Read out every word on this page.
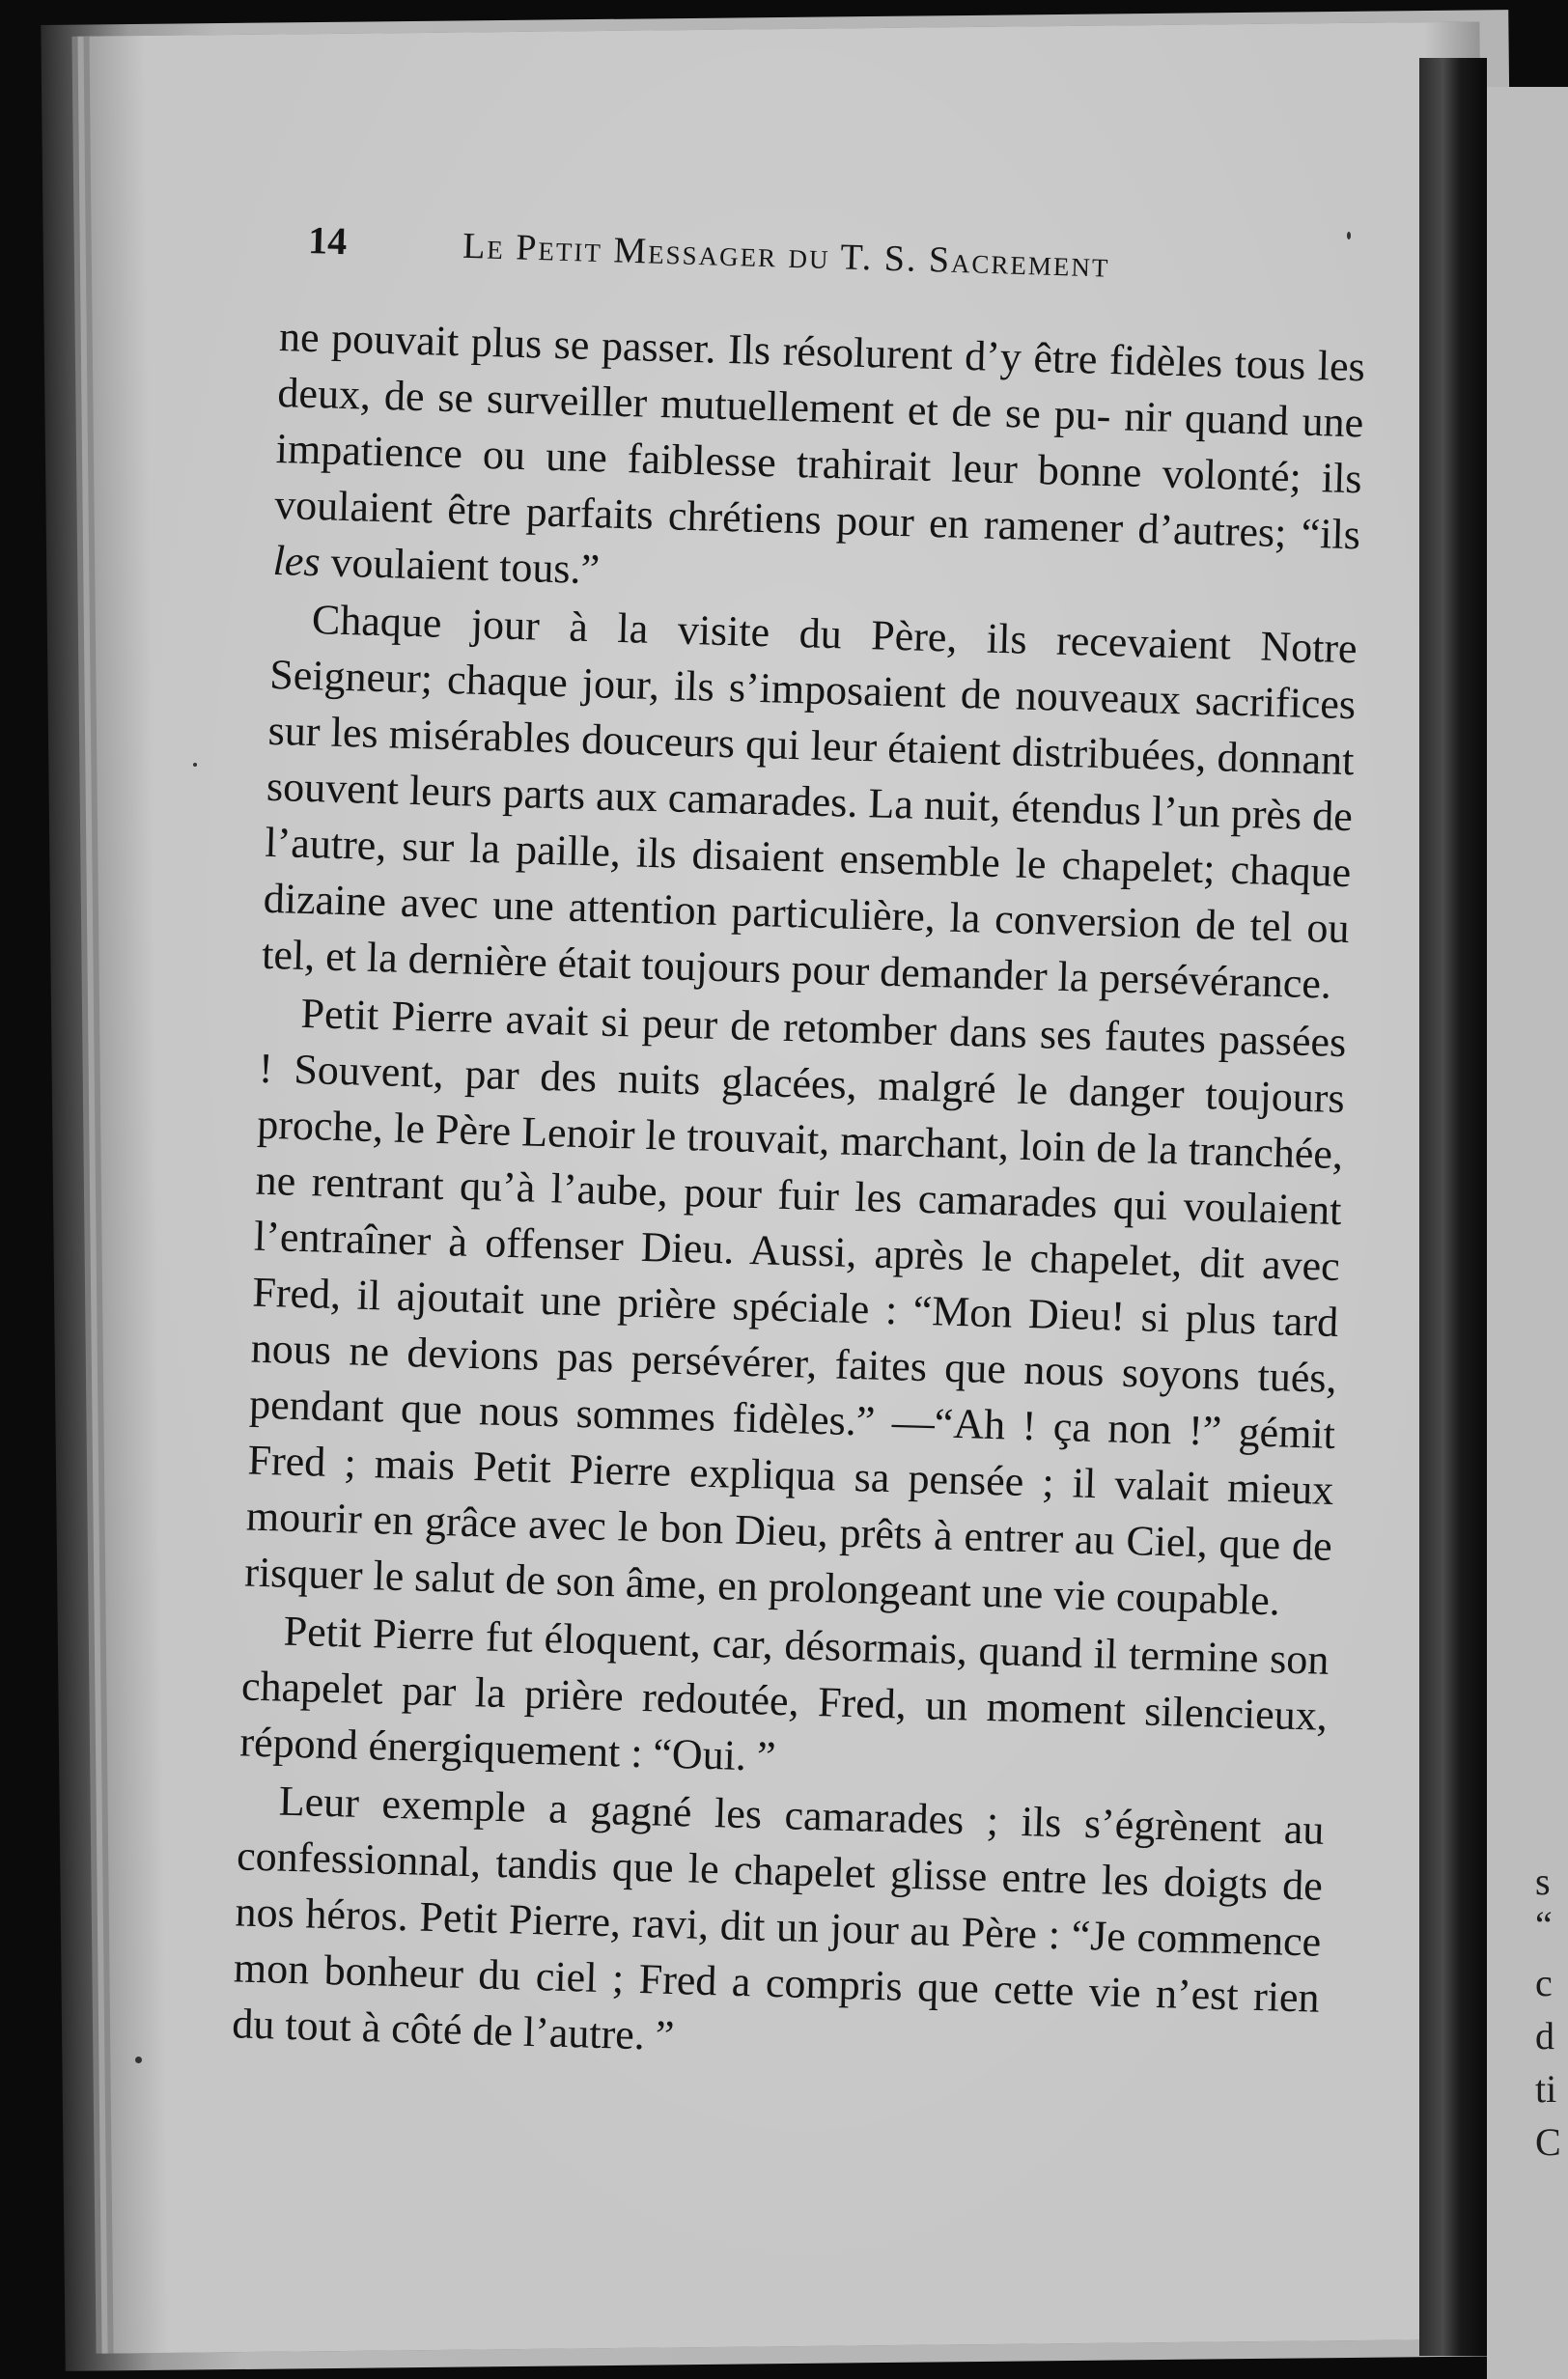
s
“
c
d
ti
C
14	Le Petit Messager du T. S. Sacrement

ne pouvait plus se passer. Ils résolurent d’y être fidèles tous les deux, de se surveiller mutuellement et de se pu- nir quand une impatience ou une faiblesse trahirait leur bonne volonté; ils voulaient être parfaits chrétiens pour en ramener d’autres; “ils les voulaient tous.”

Chaque jour à la visite du Père, ils recevaient Notre Seigneur; chaque jour, ils s’imposaient de nouveaux sacrifices sur les misérables douceurs qui leur étaient distribuées, donnant souvent leurs parts aux camarades. La nuit, étendus l’un près de l’autre, sur la paille, ils disaient ensemble le chapelet; chaque dizaine avec une attention particulière, la conversion de tel ou tel, et la dernière était toujours pour demander la persévérance.

Petit Pierre avait si peur de retomber dans ses fautes passées ! Souvent, par des nuits glacées, malgré le danger toujours proche, le Père Lenoir le trouvait, marchant, loin de la tranchée, ne rentrant qu’à l’aube, pour fuir les camarades qui voulaient l’entraîner à offenser Dieu. Aussi, après le chapelet, dit avec Fred, il ajoutait une prière spéciale : “Mon Dieu! si plus tard nous ne devions pas persévérer, faites que nous soyons tués, pendant que nous sommes fidèles.” —“Ah ! ça non !” gémit Fred ; mais Petit Pierre expliqua sa pensée ; il valait mieux mourir en grâce avec le bon Dieu, prêts à entrer au Ciel, que de risquer le salut de son âme, en prolongeant une vie coupable.

Petit Pierre fut éloquent, car, désormais, quand il termine son chapelet par la prière redoutée, Fred, un moment silencieux, répond énergiquement : “Oui. ”

Leur exemple a gagné les camarades ; ils s’égrènent au confessionnal, tandis que le chapelet glisse entre les doigts de nos héros. Petit Pierre, ravi, dit un jour au Père : “Je commence mon bonheur du ciel ; Fred a compris que cette vie n’est rien du tout à côté de l’autre. ”
